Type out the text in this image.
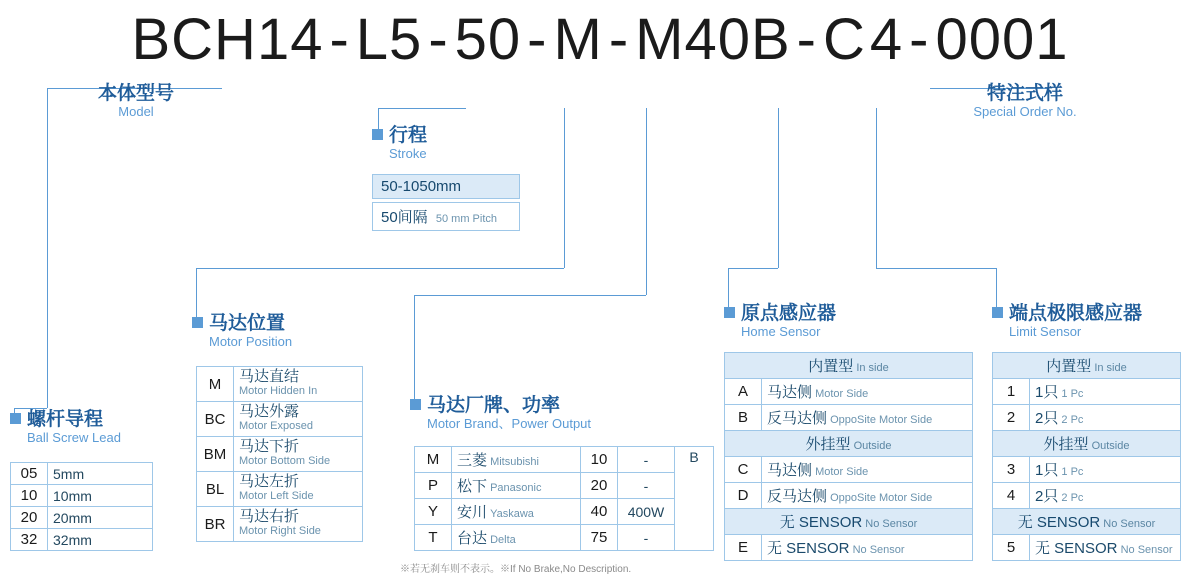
BCH14 - L5 - 50 - M - M40B - C4 - 0001
本体型号
Model
行程
Stroke
特注式样
Special Order No.
螺杆导程
Ball Screw Lead
马达位置
Motor Position
马达厂牌、功率
Motor Brand、Power Output
原点感应器
Home Sensor
端点极限感应器
Limit Sensor
50-1050mm
50间隔 50 mm Pitch
05	5mm
10	10mm
20	20mm
32	32mm
M	马达直结
Motor Hidden In

BC	马达外露
Motor Exposed

BM	马达下折
Motor Bottom Side

BL	马达左折
Motor Left Side

BR	马达右折
Motor Right Side
M	三菱 Mitsubishi	10	-	B
P	松下 Panasonic	20	-	
Y	安川 Yaskawa	40	400W	
T	台达 Delta	75	-	
※若无刹车则不表示。※If No Brake,No Description.
内置型 In side	
A	马达侧 Motor Side
B	反马达侧 OppoSite Motor Side
外挂型 Outside	
C	马达侧 Motor Side
D	反马达侧 OppoSite Motor Side
无 SENSOR No Sensor	
E	无 SENSOR No Sensor
内置型 In side	
1	1只 1 Pc
2	2只 2 Pc
外挂型 Outside	
3	1只 1 Pc
4	2只 2 Pc
无 SENSOR No Sensor	
5	无 SENSOR No Sensor
